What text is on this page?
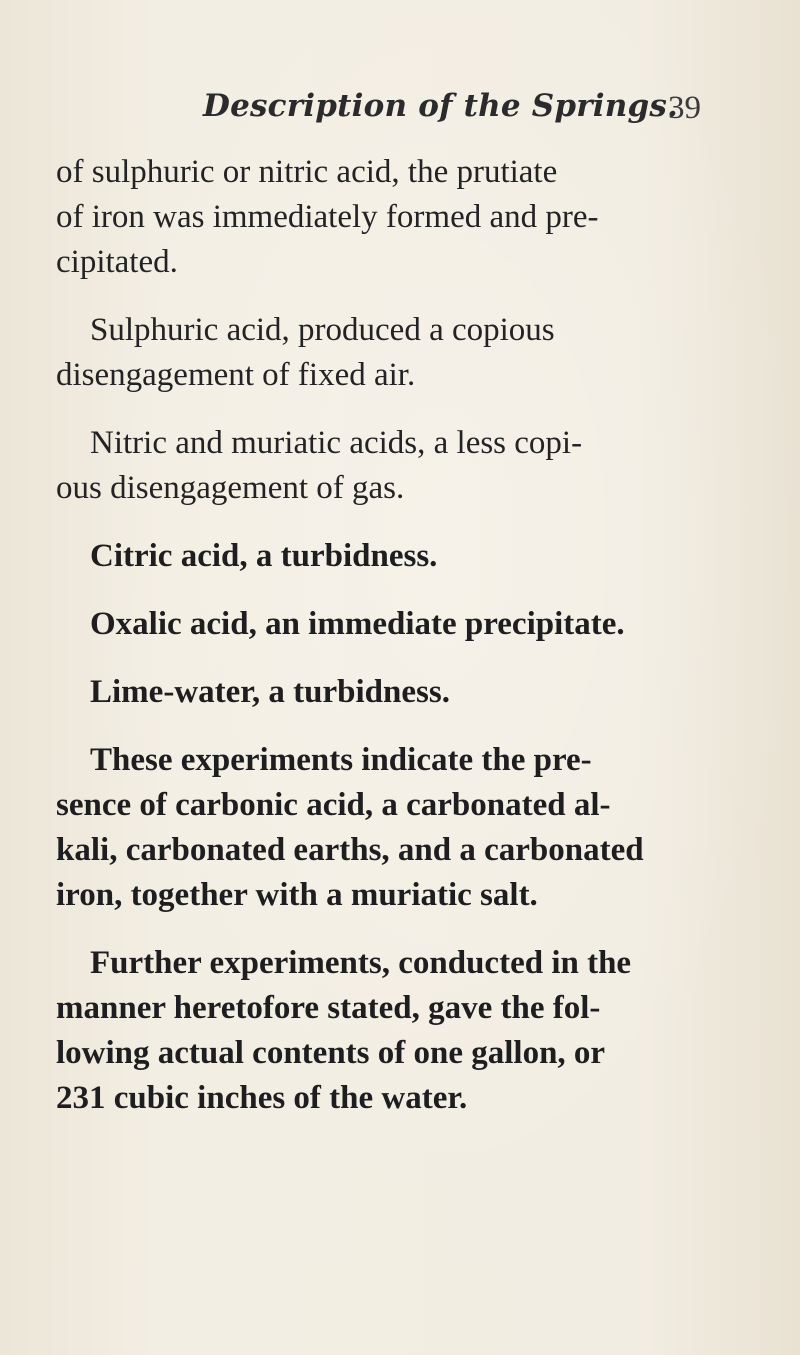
Description of the Springs.
39

of sulphuric or nitric acid, the prutiate
of iron was immediately formed and pre-
cipitated.

Sulphuric acid, produced a copious
disengagement of fixed air.

Nitric and muriatic acids, a less copi-
ous disengagement of gas.

Citric acid, a turbidness.

Oxalic acid, an immediate precipitate.

Lime-water, a turbidness.

These experiments indicate the pre-
sence of carbonic acid, a carbonated al-
kali, carbonated earths, and a carbonated
iron, together with a muriatic salt.

Further experiments, conducted in the
manner heretofore stated, gave the fol-
lowing actual contents of one gallon, or
231 cubic inches of the water.
